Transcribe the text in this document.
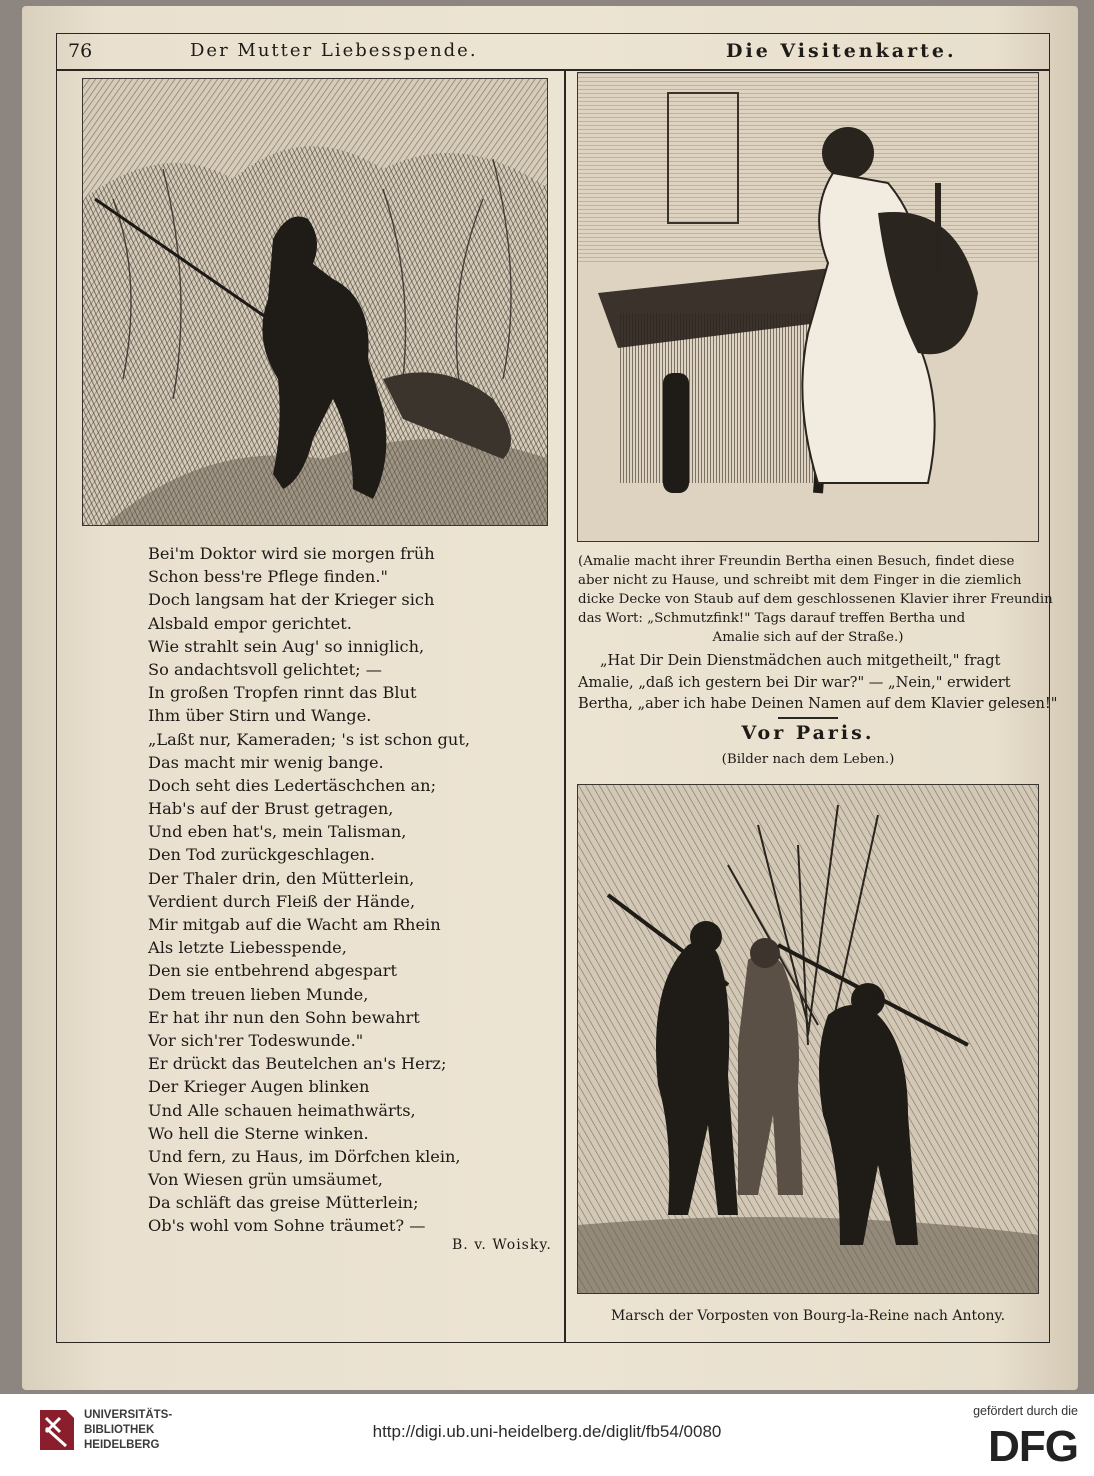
76	Der Mutter Liebesspende.	Die Visitenkarte.
Bei'm Doktor wird sie morgen früh
Schon bess're Pflege finden."
Doch langsam hat der Krieger sich
Alsbald empor gerichtet.
Wie strahlt sein Aug' so inniglich,
So andachtsvoll gelichtet; —
In großen Tropfen rinnt das Blut
Ihm über Stirn und Wange.
„Laßt nur, Kameraden; 's ist schon gut,
Das macht mir wenig bange.
Doch seht dies Ledertäschchen an;
Hab's auf der Brust getragen,
Und eben hat's, mein Talisman,
Den Tod zurückgeschlagen.
Der Thaler drin, den Mütterlein,
Verdient durch Fleiß der Hände,
Mir mitgab auf die Wacht am Rhein
Als letzte Liebesspende,
Den sie entbehrend abgespart
Dem treuen lieben Munde,
Er hat ihr nun den Sohn bewahrt
Vor sich'rer Todeswunde."
Er drückt das Beutelchen an's Herz;
Der Krieger Augen blinken
Und Alle schauen heimathwärts,
Wo hell die Sterne winken.
Und fern, zu Haus, im Dörfchen klein,
Von Wiesen grün umsäumet,
Da schläft das greise Mütterlein;
Ob's wohl vom Sohne träumet? —
B. v. Woisky.
(Amalie macht ihrer Freundin Bertha einen Besuch, findet diese
aber nicht zu Hause, und schreibt mit dem Finger in die ziemlich
dicke Decke von Staub auf dem geschlossenen Klavier ihrer Freundin
das Wort: „Schmutzfink!" Tags darauf treffen Bertha und
Amalie sich auf der Straße.)
„Hat Dir Dein Dienstmädchen auch mitgetheilt," fragt
Amalie, „daß ich gestern bei Dir war?" — „Nein," erwidert
Bertha, „aber ich habe Deinen Namen auf dem Klavier gelesen!"
Vor Paris.
(Bilder nach dem Leben.)
Marsch der Vorposten von Bourg-la-Reine nach Antony.
UNIVERSITÄTS-
BIBLIOTHEK
HEIDELBERG
http://digi.ub.uni-heidelberg.de/diglit/fb54/0080
gefördert durch die
DFG
